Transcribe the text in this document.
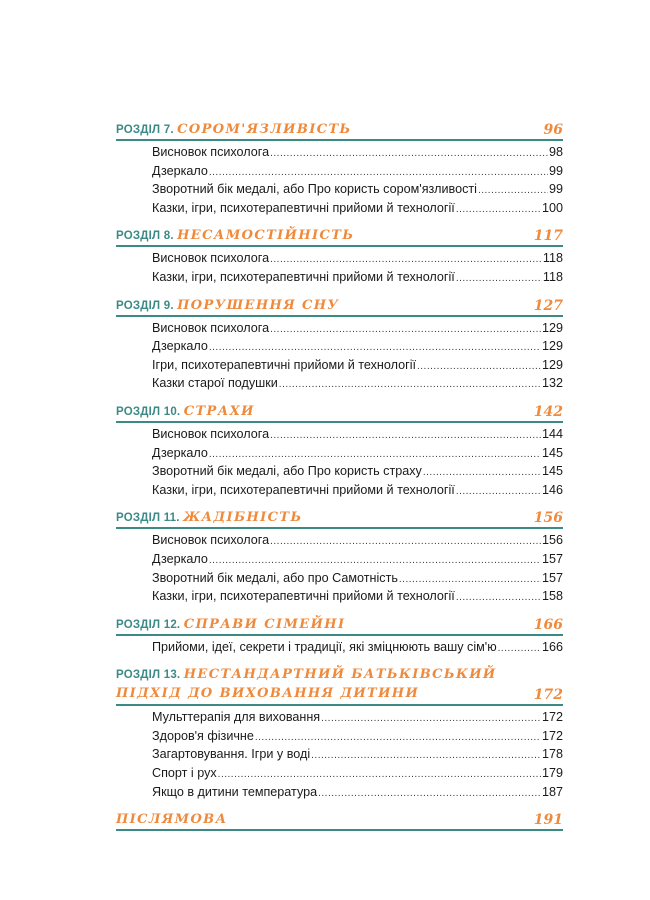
РОЗДІЛ 7. СОРОМ'ЯЗЛИВІСТЬ	96
Висновок психолога .....	98
Дзеркало .....	99
Зворотний бік медалі, або Про користь сором'язливості .....	99
Казки, ігри, психотерапевтичні прийоми й технології .....	100
РОЗДІЛ 8. НЕСАМОСТІЙНІСТЬ	117
Висновок психолога .....	118
Казки, ігри, психотерапевтичні прийоми й технології .....	118
РОЗДІЛ 9. ПОРУШЕННЯ СНУ	127
Висновок психолога .....	129
Дзеркало .....	129
Ігри, психотерапевтичні прийоми й технології .....	129
Казки старої подушки .....	132
РОЗДІЛ 10. СТРАХИ	142
Висновок психолога .....	144
Дзеркало .....	145
Зворотний бік медалі, або Про користь страху .....	145
Казки, ігри, психотерапевтичні прийоми й технології .....	146
РОЗДІЛ 11. ЖАДІБНІСТЬ	156
Висновок психолога .....	156
Дзеркало .....	157
Зворотний бік медалі, або про Самотність .....	157
Казки, ігри, психотерапевтичні прийоми й технології .....	158
РОЗДІЛ 12. СПРАВИ СІМЕЙНІ	166
Прийоми, ідеї, секрети і традиції, які зміцнюють вашу сім'ю .....	166
РОЗДІЛ 13. НЕСТАНДАРТНИЙ БАТЬКІВСЬКИЙ ПІДХІД ДО ВИХОВАННЯ ДИТИНИ	172
Мульттерапія для виховання .....	172
Здоров'я фізичне .....	172
Загартовування. Ігри у воді .....	178
Спорт і рух .....	179
Якщо в дитини температура .....	187
ПІСЛЯМОВА	191
